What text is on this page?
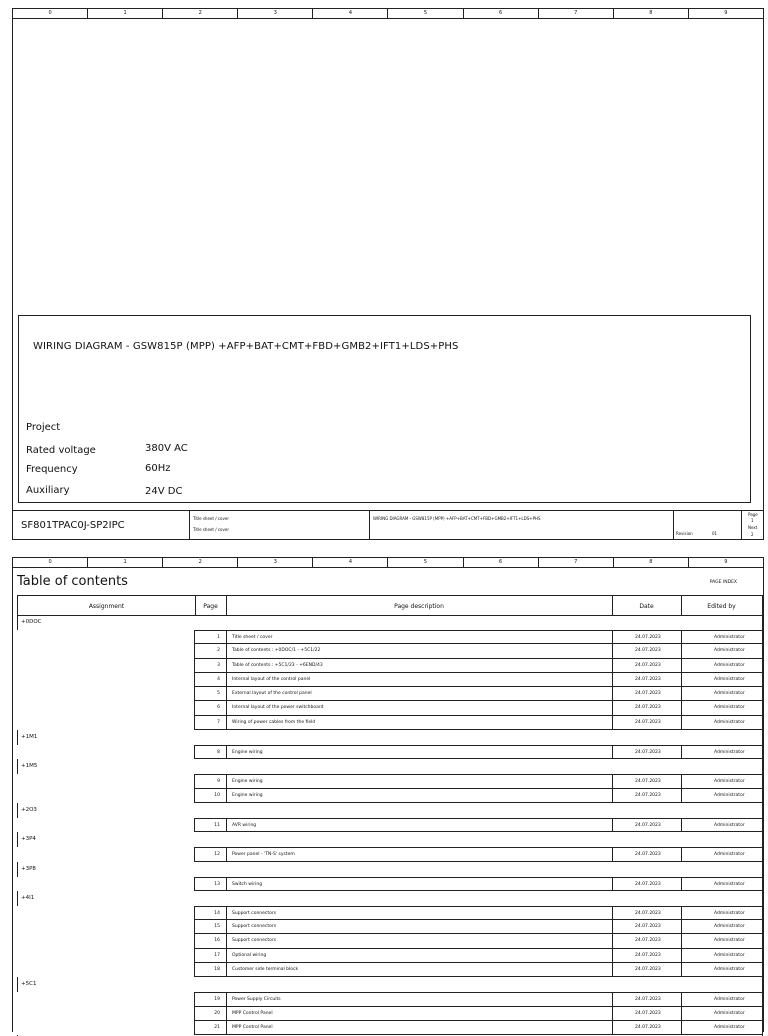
0	1	2	3	4	5	6	7	8	9
WIRING DIAGRAM - GSW815P (MPP) +AFP+BAT+CMT+FBD+GMB2+IFT1+LDS+PHS
Project
Rated voltage	380V AC
Frequency	60Hz
Auxiliary	24V DC
SF801TPAC0J-SP2IPC
Title sheet / cover
Title sheet / cover
WIRING DIAGRAM - GSW815P (MPP) +AFP+BAT+CMT+FBD+GMB2+IFT1+LDS+PHS
Revision	01
Page
1
Next
2
0	1	2	3	4	5	6	7	8	9
Table of contents	PAGE INDEX
Assignment	Page	Page description	Date	Edited by
+0DOC
1	Title sheet / cover	24.07.2023	Administrator
2	Table of contents : +0DOC/1 - +5C1/22	24.07.2023	Administrator
3	Table of contents : +5C1/23 - +6END/43	24.07.2023	Administrator
4	Internal layout of the control panel	24.07.2023	Administrator
5	External layout of the control panel	24.07.2023	Administrator
6	Internal layout of the power switchboard	24.07.2023	Administrator
7	Wiring of power cables from the field	24.07.2023	Administrator
+1M1
8	Engine wiring	24.07.2023	Administrator
+1M5
9	Engine wiring	24.07.2023	Administrator
10	Engine wiring	24.07.2023	Administrator
+2O3
11	AVR wiring	24.07.2023	Administrator
+3P4
12	Power panel - 'TN-S' system	24.07.2023	Administrator
+3P8
13	Switch wiring	24.07.2023	Administrator
+4I1
14	Support connectors	24.07.2023	Administrator
15	Support connectors	24.07.2023	Administrator
16	Support connectors	24.07.2023	Administrator
17	Optional wiring	24.07.2023	Administrator
18	Customer side terminal block	24.07.2023	Administrator
+5C1
19	Power Supply Circuits	24.07.2023	Administrator
20	MPP Control Panel	24.07.2023	Administrator
21	MPP Control Panel	24.07.2023	Administrator
